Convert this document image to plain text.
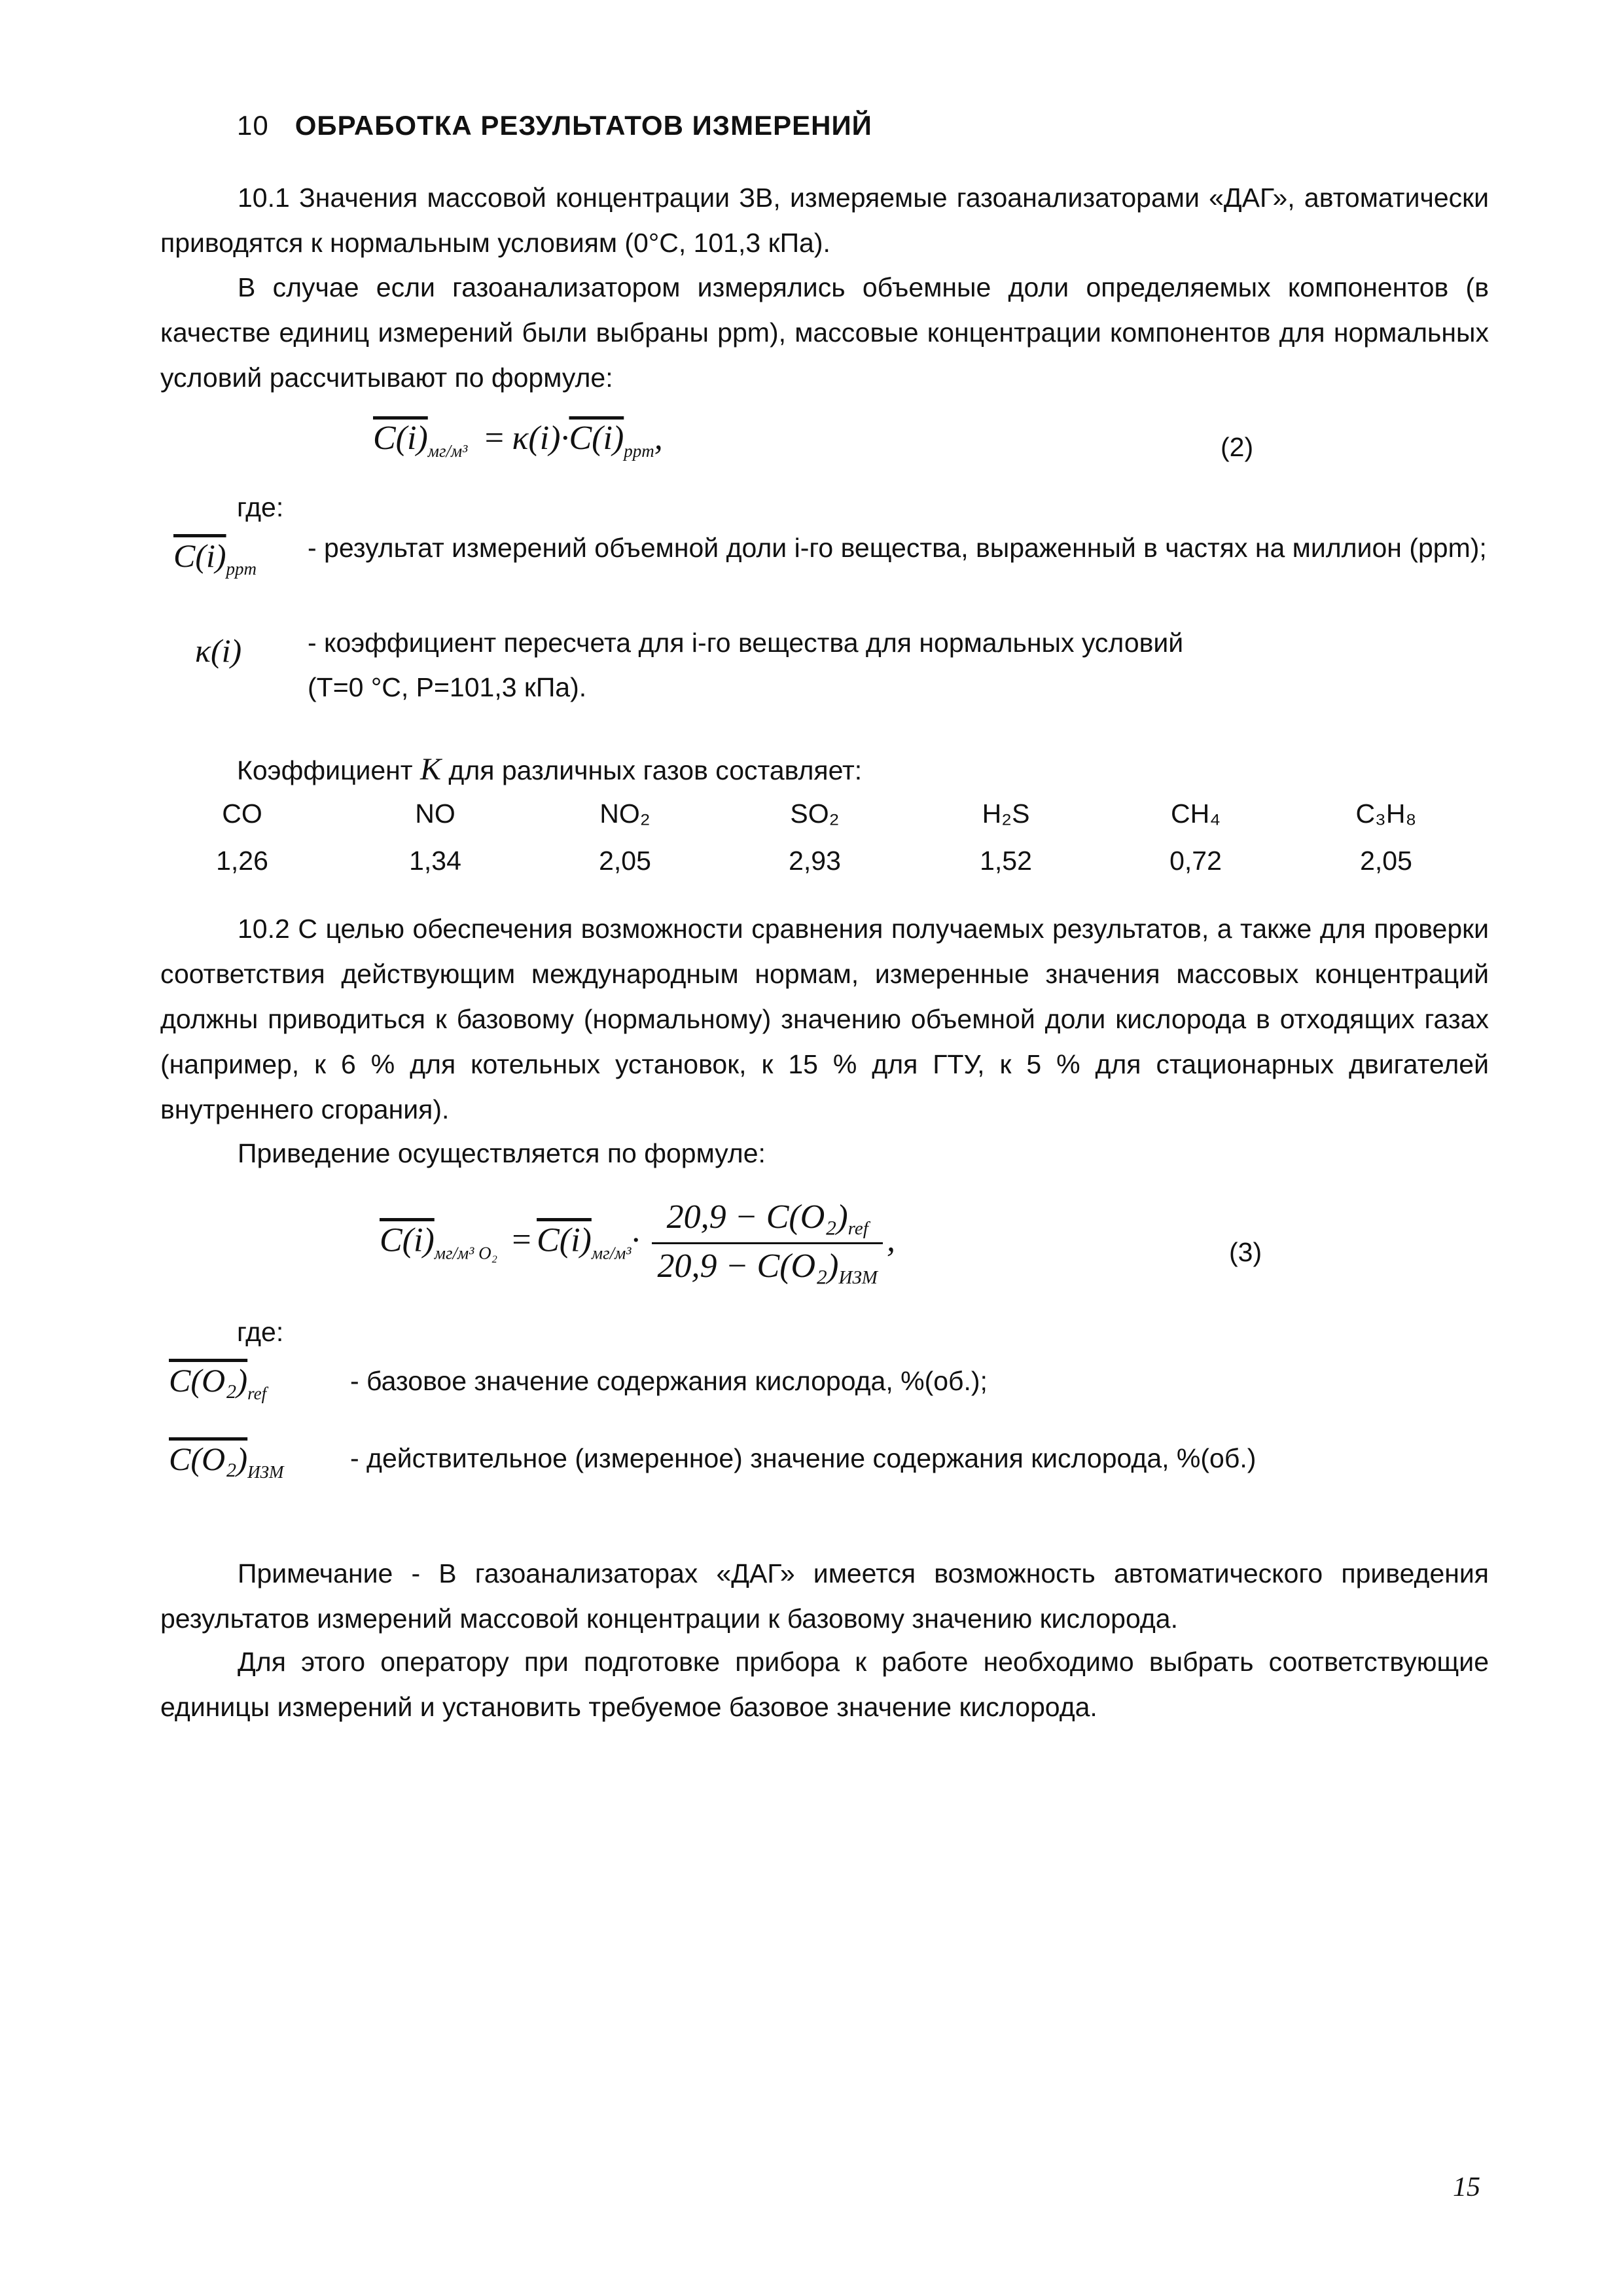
10 ОБРАБОТКА РЕЗУЛЬТАТОВ ИЗМЕРЕНИЙ
10.1 Значения массовой концентрации ЗВ, измеряемые газоанализаторами «ДАГ», автоматически приводятся к нормальным условиям (0°С, 101,3 кПа).
В случае если газоанализатором измерялись объемные доли определяемых компонентов (в качестве единиц измерений были выбраны ppm), массовые концентрации компонентов для нормальных условий рассчитывают по формуле:
$C(i)_{мг/м^3} = \kappa(i)\cdot C(i)_{ppm}$,	(2)
где:
$C(i)_{ppm}$
- результат измерений объемной доли i-го вещества, выраженный в частях на миллион (ppm);
κ(i) - коэффициент пересчета для i-го вещества для нормальных условий
(Т=0 °С, Р=101,3 кПа).
Коэффициент K для различных газов составляет:
CO	NO	NO₂	SO₂	H₂S	CH₄	C₃H₈
1,26	1,34	2,05	2,93	1,52	0,72	2,05
10.2 С целью обеспечения возможности сравнения получаемых результатов, а также для проверки соответствия действующим международным нормам, измеренные значения массовых концентраций должны приводиться к базовому (нормальному) значению объемной доли кислорода в отходящих газах (например, к 6 % для котельных установок, к 15 % для ГТУ, к 5 % для стационарных двигателей внутреннего сгорания).
Приведение осуществляется по формуле:
$C(i)_{мг/м^3 O_2} = C(i)_{мг/м^3}\cdot \frac{\text{20,9 − C(O₂)ref}}{\text{20,9 − C(O₂)ИЗМ}}$ ,	(3)
где:
$C(O_2)_{ref}$	- базовое значение содержания кислорода, %(об.);
$C(O_2)_{ИЗМ}$ - действительное (измеренное) значение содержания кислорода, %(об.)
Примечание - В газоанализаторах «ДАГ» имеется возможность автоматического приведения результатов измерений массовой концентрации к базовому значению кислорода.
Для этого оператору при подготовке прибора к работе необходимо выбрать соответствующие единицы измерений и установить требуемое базовое значение кислорода.
15
